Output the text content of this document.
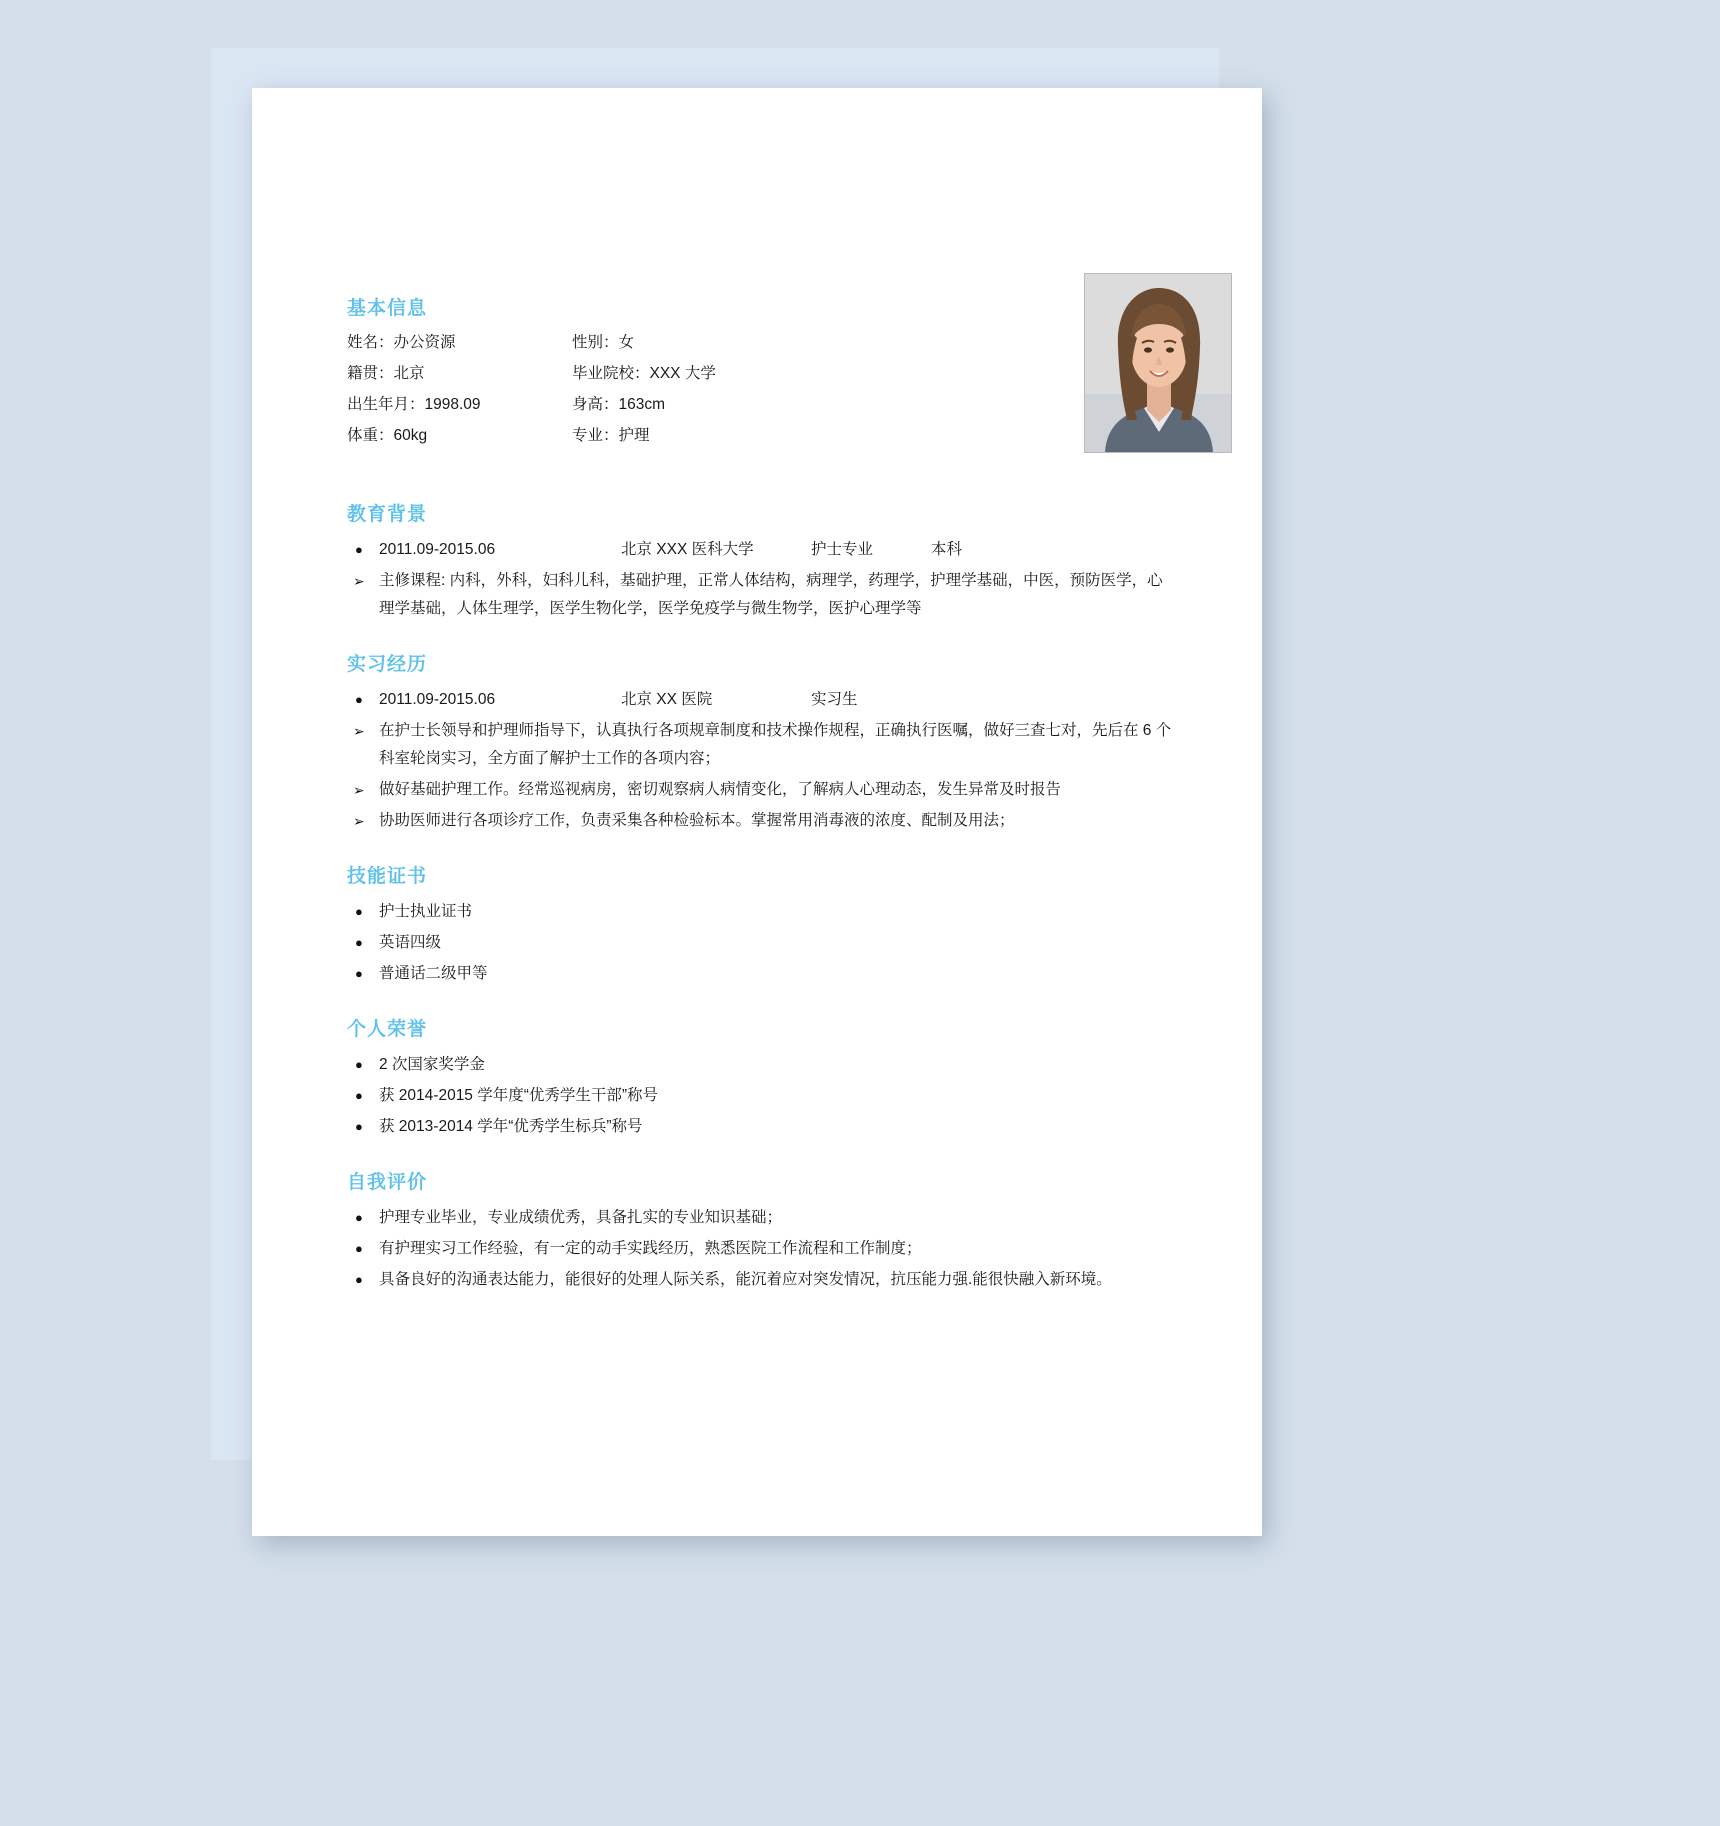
基本信息
姓名：办公资源	性别：女
籍贯：北京	毕业院校：XXX 大学
出生年月：1998.09	身高：163cm
体重：60kg	专业：护理
教育背景
● 2011.09-2015.06	北京 XXX 医科大学	护士专业	本科
➢ 主修课程: 内科，外科，妇科儿科，基础护理，正常人体结构，病理学，药理学，护理学基础，中医，预防医学，心理学基础，人体生理学，医学生物化学，医学免疫学与微生物学，医护心理学等
实习经历
● 2011.09-2015.06	北京 XX 医院	实习生
➢ 在护士长领导和护理师指导下，认真执行各项规章制度和技术操作规程，正确执行医嘱，做好三查七对，先后在 6 个科室轮岗实习，全方面了解护士工作的各项内容；
➢ 做好基础护理工作。经常巡视病房，密切观察病人病情变化，了解病人心理动态，发生异常及时报告
➢ 协助医师进行各项诊疗工作，负责采集各种检验标本。掌握常用消毒液的浓度、配制及用法；
技能证书
● 护士执业证书
● 英语四级
● 普通话二级甲等
个人荣誉
● 2 次国家奖学金
● 获 2014-2015 学年度“优秀学生干部”称号
● 获 2013-2014 学年“优秀学生标兵”称号
自我评价
● 护理专业毕业，专业成绩优秀，具备扎实的专业知识基础；
● 有护理实习工作经验，有一定的动手实践经历，熟悉医院工作流程和工作制度；
● 具备良好的沟通表达能力，能很好的处理人际关系，能沉着应对突发情况，抗压能力强.能很快融入新环境。
